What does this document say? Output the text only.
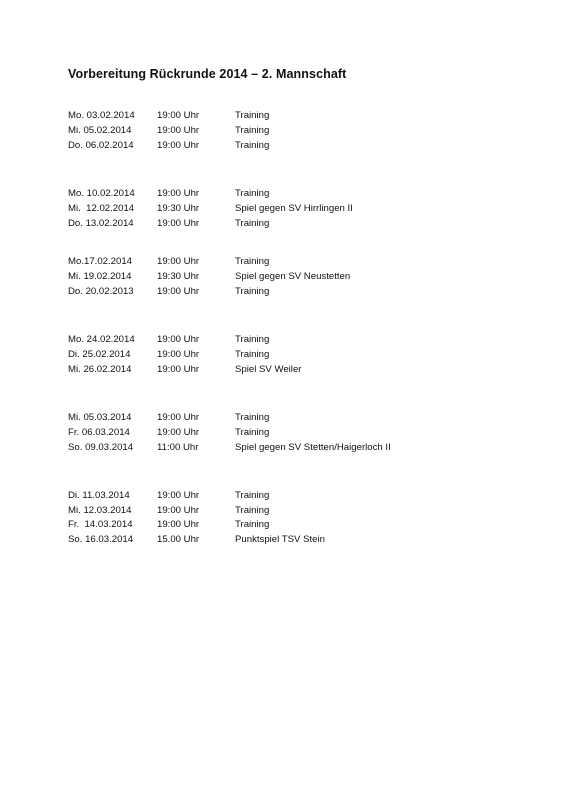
Vorbereitung Rückrunde 2014 – 2. Mannschaft
Mo. 03.02.2014 19:00 Uhr	Training
Mi. 05.02.2014	19:00 Uhr	Training
Do. 06.02.2014 19:00 Uhr	Training
Mo. 10.02.2014 19:00 Uhr	Training
Mi.  12.02.2014 19:30 Uhr	Spiel gegen SV Hirrlingen II
Do. 13.02.2014 19:00 Uhr	Training
Mo.17.02.2014	19:00 Uhr	Training
Mi. 19.02.2014	19:30 Uhr	Spiel gegen SV Neustetten
Do. 20.02.2013 19:00 Uhr	Training
Mo. 24.02.2014 19:00 Uhr	Training
Di. 25.02.2014	19:00 Uhr	Training
Mi. 26.02.2014	19:00 Uhr	Spiel SV Weiler
Mi. 05.03.2014	19:00 Uhr	Training
Fr. 06.03.2014	19:00 Uhr	Training
So. 09.03.2014 11:00 Uhr	Spiel gegen SV Stetten/Haigerloch II
Di. 11.03.2014	19:00 Uhr	Training
Mi. 12.03.2014	19:00 Uhr	Training
Fr.  14.03.2014	19:00 Uhr	Training
So. 16.03.2014 15.00 Uhr	Punktspiel TSV Stein
